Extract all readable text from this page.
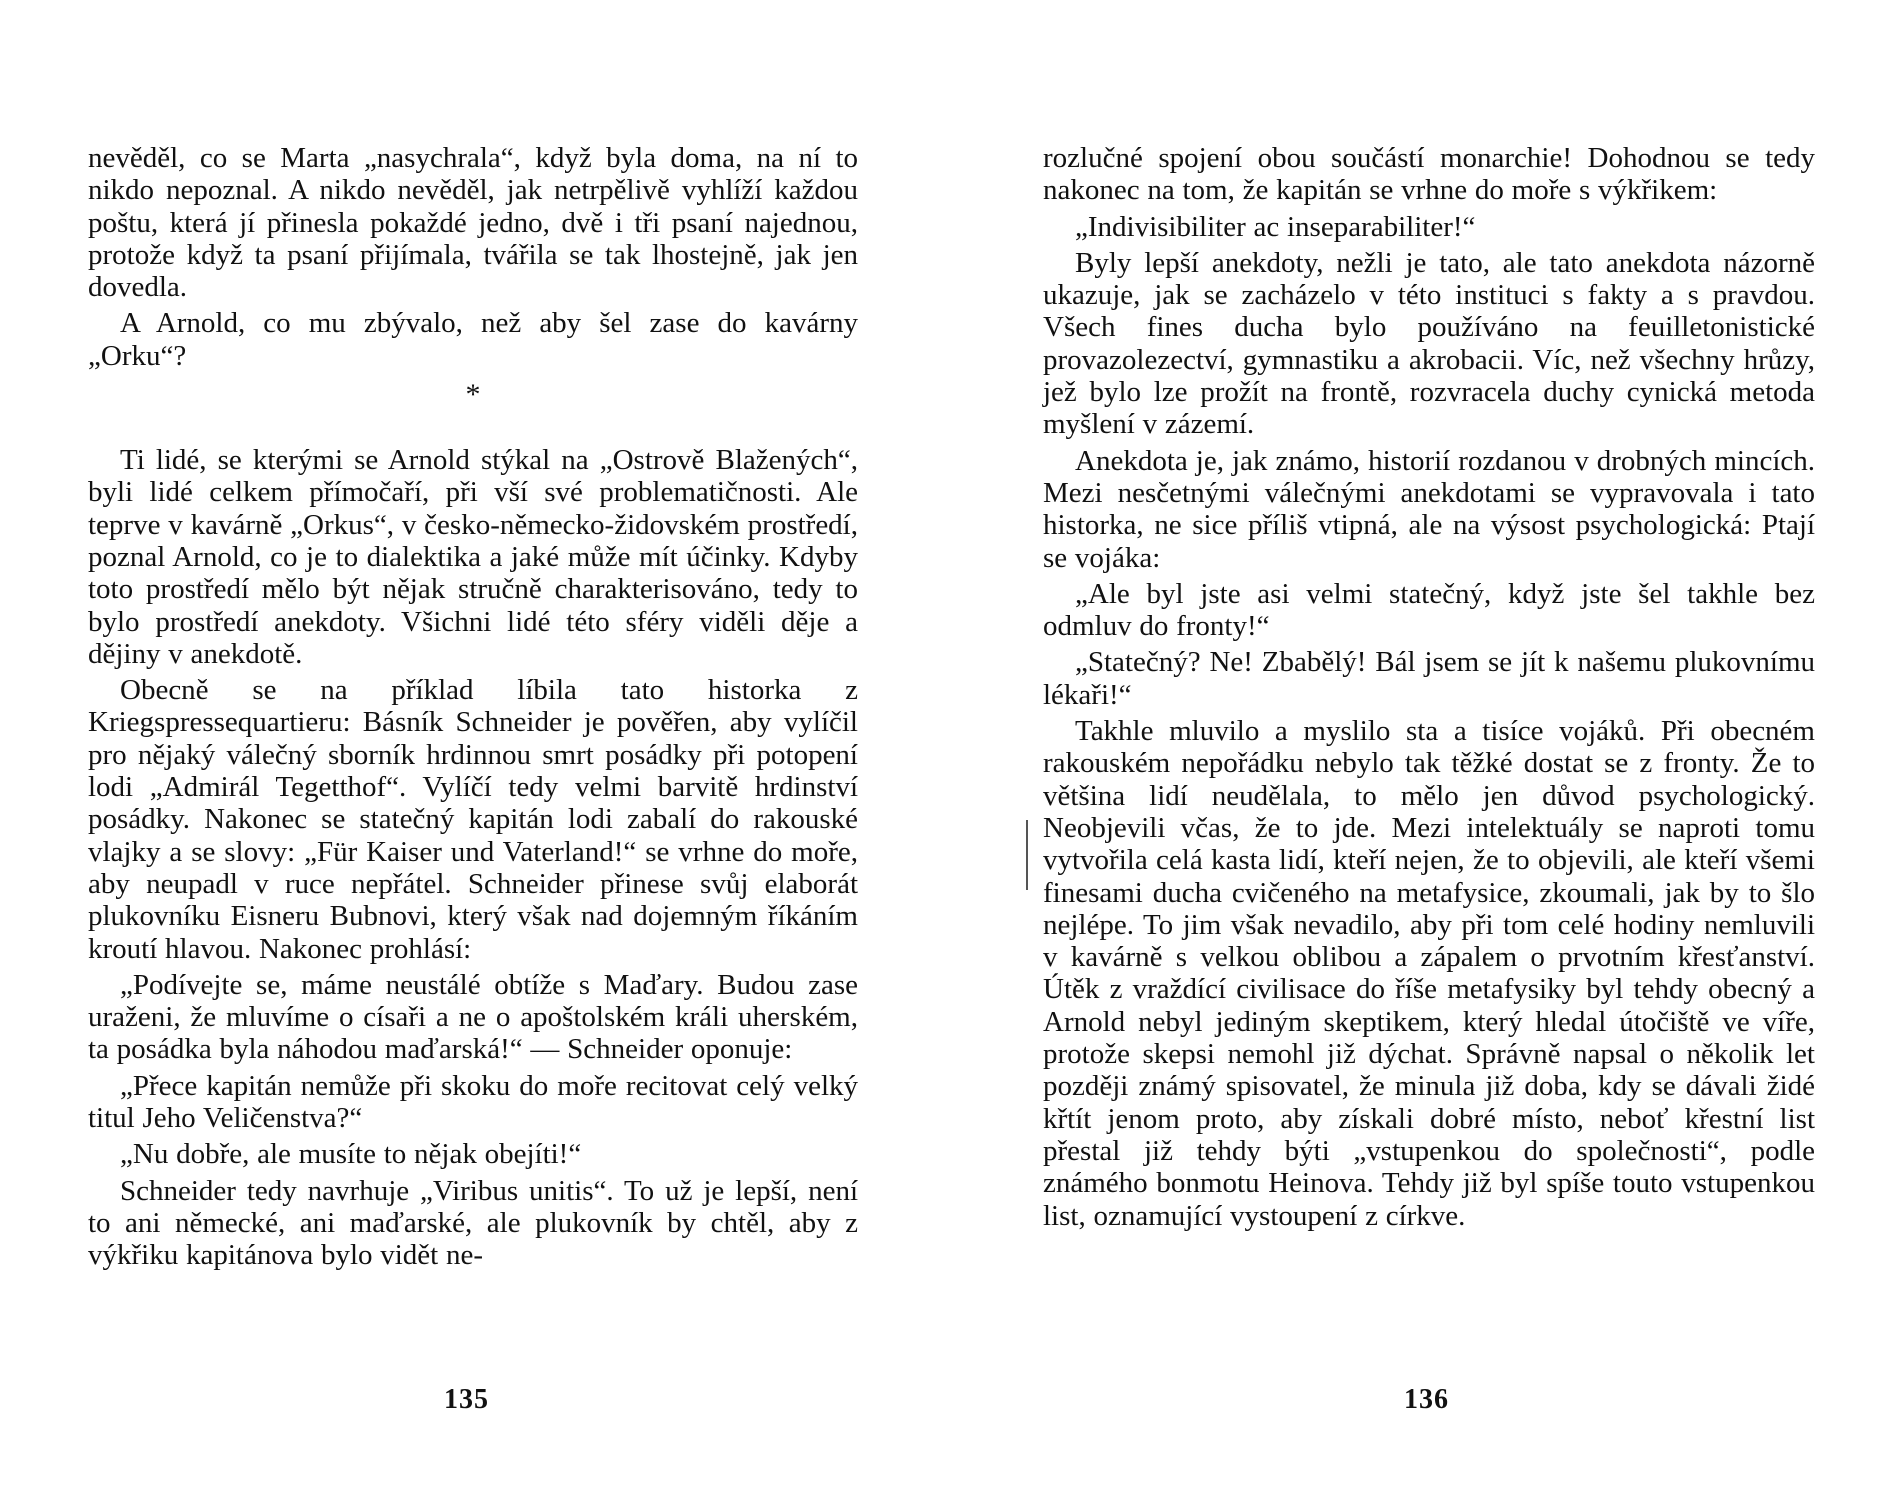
nevěděl, co se Marta „nasychrala“, když byla doma, na ní to nikdo nepoznal. A nikdo nevěděl, jak netrpělivě vyhlíží každou poštu, která jí přinesla pokaždé jedno, dvě i tři psaní najednou, protože když ta psaní přijímala, tvářila se tak lhostejně, jak jen dovedla.

A Arnold, co mu zbývalo, než aby šel zase do kavárny „Orku“?

*

Ti lidé, se kterými se Arnold stýkal na „Ostrově Blažených“, byli lidé celkem přímočaří, při vší své problematičnosti. Ale teprve v kavárně „Orkus“, v česko-německo-židovském prostředí, poznal Arnold, co je to dialektika a jaké může mít účinky. Kdyby toto prostředí mělo být nějak stručně charakterisováno, tedy to bylo prostředí anekdoty. Všichni lidé této sféry viděli děje a dějiny v anekdotě.

Obecně se na příklad líbila tato historka z Kriegspressequartieru: Básník Schneider je pověřen, aby vylíčil pro nějaký válečný sborník hrdinnou smrt posádky při potopení lodi „Admirál Tegetthof“. Vylíčí tedy velmi barvitě hrdinství posádky. Nakonec se statečný kapitán lodi zabalí do rakouské vlajky a se slovy: „Für Kaiser und Vaterland!“ se vrhne do moře, aby neupadl v ruce nepřátel. Schneider přinese svůj elaborát plukovníku Eisneru Bubnovi, který však nad dojemným říkáním kroutí hlavou. Nakonec prohlásí:

„Podívejte se, máme neustálé obtíže s Maďary. Budou zase uraženi, že mluvíme o císaři a ne o apoštolském králi uherském, ta posádka byla náhodou maďarská!“ — Schneider oponuje:

„Přece kapitán nemůže při skoku do moře recitovat celý velký titul Jeho Veličenstva?“

„Nu dobře, ale musíte to nějak obejíti!“

Schneider tedy navrhuje „Viribus unitis“. To už je lepší, není to ani německé, ani maďarské, ale plukovník by chtěl, aby z výkřiku kapitánova bylo vidět ne-

135

rozlučné spojení obou součástí monarchie! Dohodnou se tedy nakonec na tom, že kapitán se vrhne do moře s výkřikem:

„Indivisibiliter ac inseparabiliter!“

Byly lepší anekdoty, nežli je tato, ale tato anekdota názorně ukazuje, jak se zacházelo v této instituci s fakty a s pravdou. Všech fines ducha bylo používáno na feuilletonistické provazolezectví, gymnastiku a akrobacii. Víc, než všechny hrůzy, jež bylo lze prožít na frontě, rozvracela duchy cynická metoda myšlení v zázemí.

Anekdota je, jak známo, historií rozdanou v drobných mincích. Mezi nesčetnými válečnými anekdotami se vypravovala i tato historka, ne sice příliš vtipná, ale na výsost psychologická: Ptají se vojáka:

„Ale byl jste asi velmi statečný, když jste šel takhle bez odmluv do fronty!“

„Statečný? Ne! Zbabělý! Bál jsem se jít k našemu plukovnímu lékaři!“

Takhle mluvilo a myslilo sta a tisíce vojáků. Při obecném rakouském nepořádku nebylo tak těžké dostat se z fronty. Že to většina lidí neudělala, to mělo jen důvod psychologický. Neobjevili včas, že to jde. Mezi intelektuály se naproti tomu vytvořila celá kasta lidí, kteří nejen, že to objevili, ale kteří všemi finesami ducha cvičeného na metafysice, zkoumali, jak by to šlo nejlépe. To jim však nevadilo, aby při tom celé hodiny nemluvili v kavárně s velkou oblibou a zápalem o prvotním křesťanství. Útěk z vraždící civilisace do říše metafysiky byl tehdy obecný a Arnold nebyl jediným skeptikem, který hledal útočiště ve víře, protože skepsi nemohl již dýchat. Správně napsal o několik let později známý spisovatel, že minula již doba, kdy se dávali židé křtít jenom proto, aby získali dobré místo, neboť křestní list přestal již tehdy býti „vstupenkou do společnosti“, podle známého bonmotu Heinova. Tehdy již byl spíše touto vstupenkou list, oznamující vystoupení z církve.

136
